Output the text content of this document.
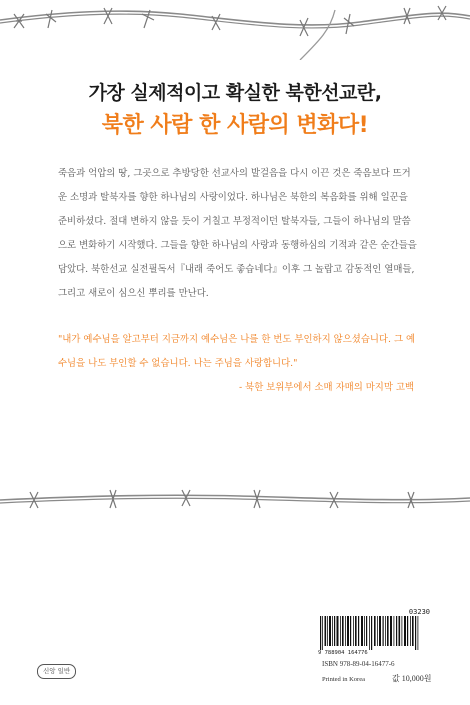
가장 실제적이고 확실한 북한선교란,
북한 사람 한 사람의 변화다!

죽음과 억압의 땅, 그곳으로 추방당한 선교사의 발걸음을 다시 이끈 것은 죽음보다 뜨거

운 소명과 탈북자를 향한 하나님의 사랑이었다. 하나님은 북한의 복음화를 위해 일꾼을

준비하셨다. 절대 변하지 않을 듯이 거칠고 부정적이던 탈북자들, 그들이 하나님의 말씀

으로 변화하기 시작했다. 그들을 향한 하나님의 사랑과 동행하심의 기적과 같은 순간들을

담았다. 북한선교 실전필독서『내래 죽어도 좋습네다』이후 그 놀랍고 감동적인 열매들,

그리고 새로이 심으신 뿌리를 만난다.

"내가 예수님을 알고부터 지금까지 예수님은 나를 한 번도 부인하지 않으셨습니다. 그 예

수님을 나도 부인할 수 없습니다. 나는 주님을 사랑합니다."

- 북한 보위부에서 소매 자매의 마지막 고백

03230
9 788904 164776
ISBN 978-89-04-16477-6
Printed in Korea	값 10,000원
신앙 일반
